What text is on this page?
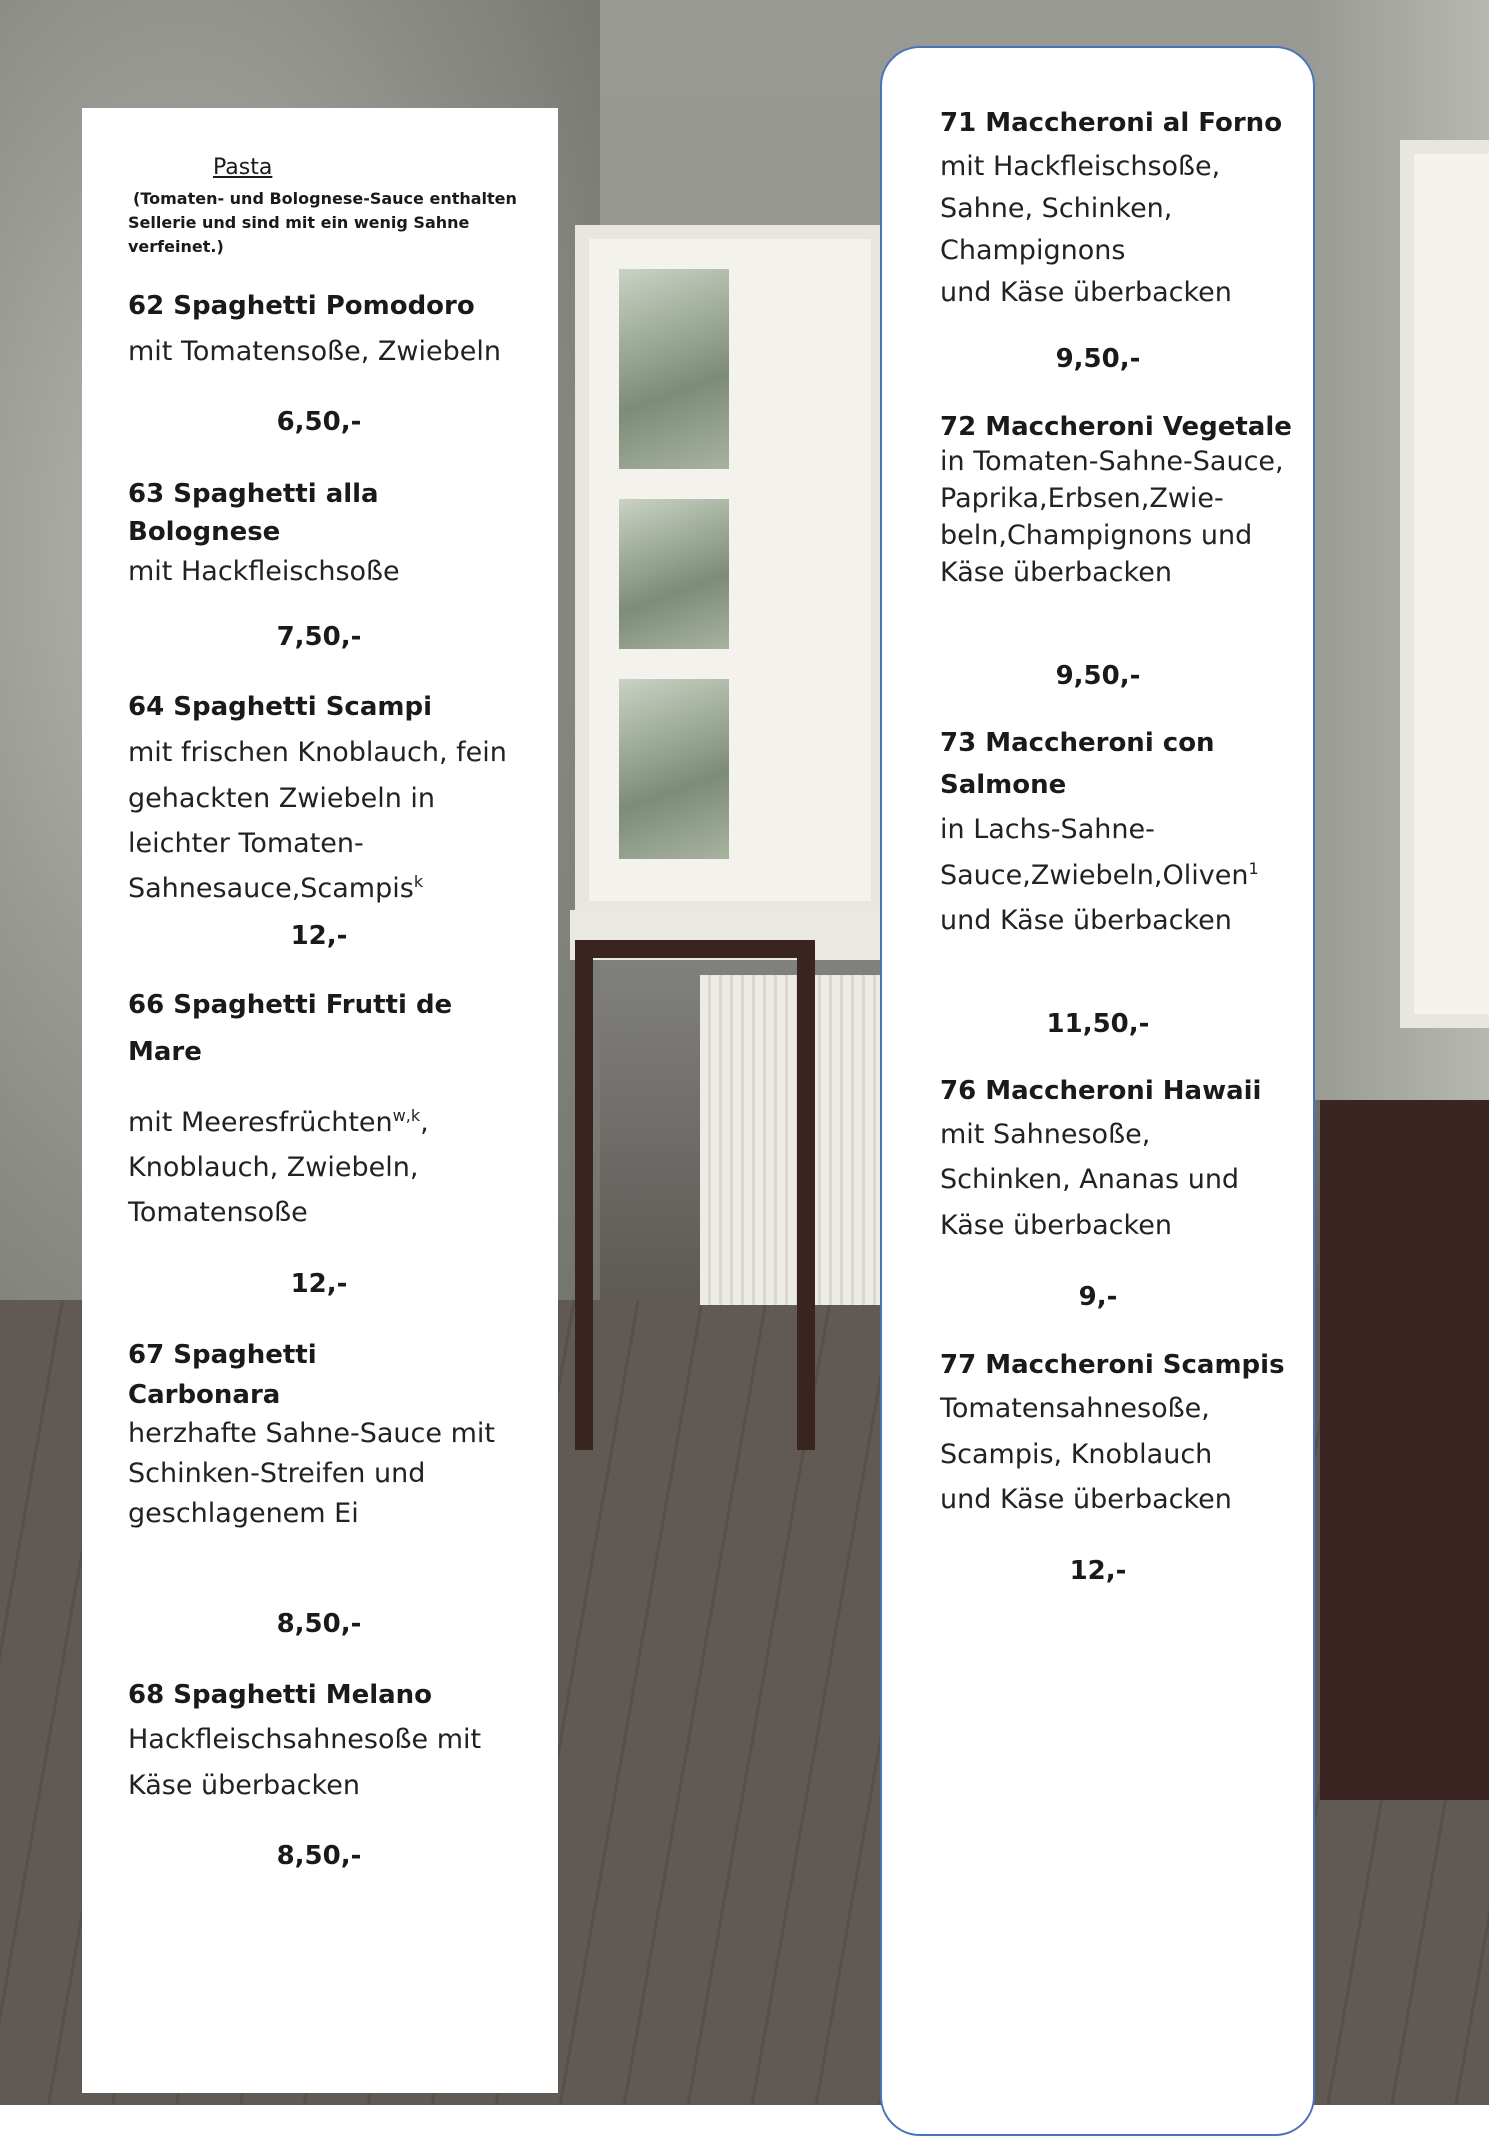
Pasta
(Tomaten- und Bolognese-Sauce enthalten
Sellerie und sind mit ein wenig Sahne
verfeinet.)
62 Spaghetti Pomodoro
mit Tomatensoße, Zwiebeln
6,50,-
63 Spaghetti alla
Bolognese
mit Hackfleischsoße
7,50,-
64 Spaghetti Scampi
mit frischen Knoblauch, fein
gehackten Zwiebeln in
leichter Tomaten-
Sahnesauce,Scampis$^k$
12,-
66 Spaghetti Frutti de
Mare
mit Meeresfrüchten$^{w,k}$,
Knoblauch, Zwiebeln,
Tomatensoße
12,-
67 Spaghetti
Carbonara
herzhafte Sahne-Sauce mit
Schinken-Streifen und
geschlagenem Ei
8,50,-
68 Spaghetti Melano
Hackfleischsahnesoße mit
Käse überbacken
8,50,-
71 Maccheroni al Forno
mit Hackfleischsoße,
Sahne, Schinken,
Champignons
und Käse überbacken
9,50,-
72 Maccheroni Vegetale
in Tomaten-Sahne-Sauce,
Paprika,Erbsen,Zwie-
beln,Champignons und
Käse überbacken
9,50,-
73 Maccheroni con
Salmone
in Lachs-Sahne-
Sauce,Zwiebeln,Oliven$^1$
und Käse überbacken
11,50,-
76 Maccheroni Hawaii
mit Sahnesoße,
Schinken, Ananas und
Käse überbacken
9,-
77 Maccheroni Scampis
Tomatensahnesoße,
Scampis, Knoblauch
und Käse überbacken
12,-
